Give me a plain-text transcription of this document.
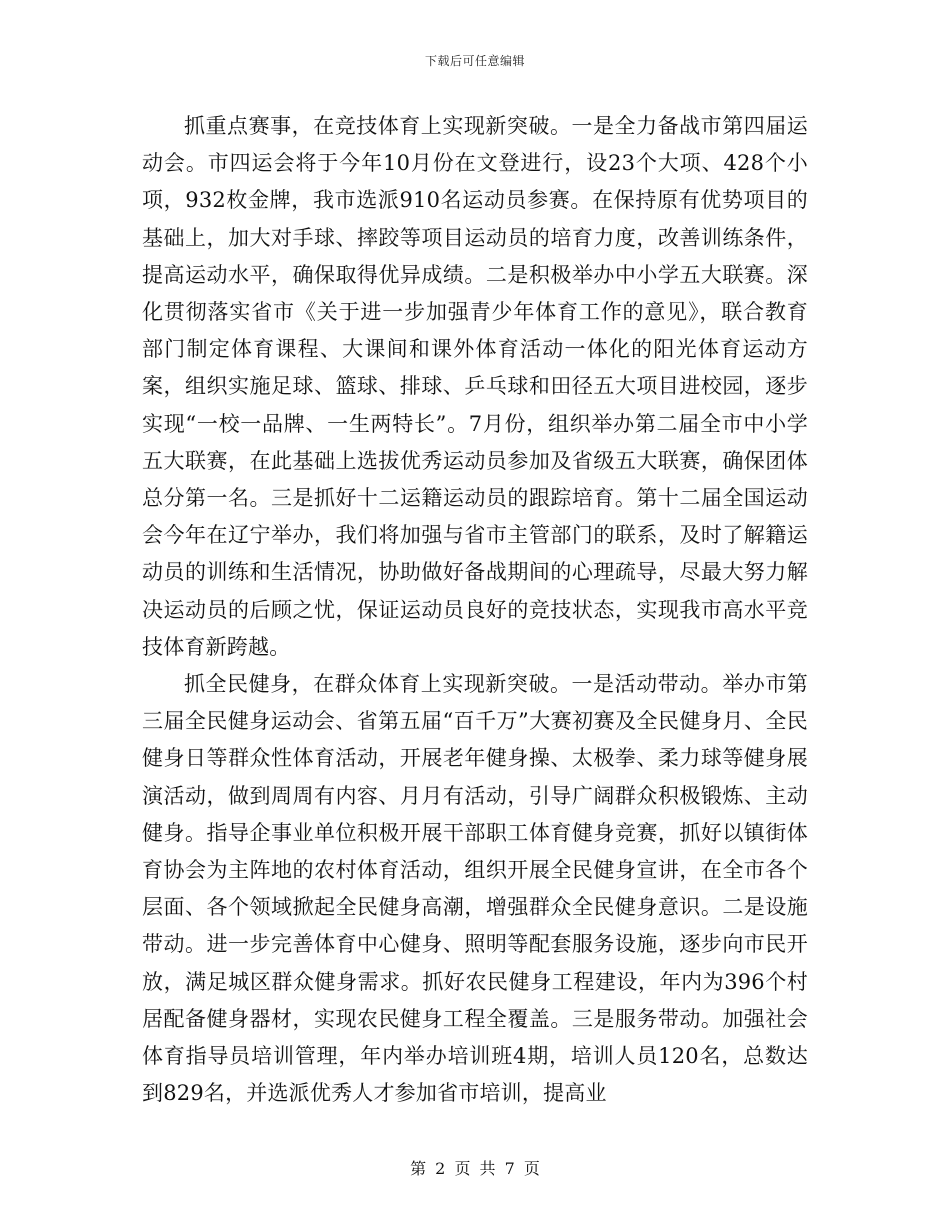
下载后可任意编辑

抓重点赛事，在竞技体育上实现新突破。一是全力备战市第四届运动会。市四运会将于今年10月份在文登进行，设23个大项、428个小项，932枚金牌，我市选派910名运动员参赛。在保持原有优势项目的基础上，加大对手球、摔跤等项目运动员的培育力度，改善训练条件，提高运动水平，确保取得优异成绩。二是积极举办中小学五大联赛。深化贯彻落实省市《关于进一步加强青少年体育工作的意见》，联合教育部门制定体育课程、大课间和课外体育活动一体化的阳光体育运动方案，组织实施足球、篮球、排球、乒乓球和田径五大项目进校园，逐步实现“一校一品牌、一生两特长”。7月份，组织举办第二届全市中小学五大联赛，在此基础上选拔优秀运动员参加及省级五大联赛，确保团体总分第一名。三是抓好十二运籍运动员的跟踪培育。第十二届全国运动会今年在辽宁举办，我们将加强与省市主管部门的联系，及时了解籍运动员的训练和生活情况，协助做好备战期间的心理疏导，尽最大努力解决运动员的后顾之忧，保证运动员良好的竞技状态，实现我市高水平竞技体育新跨越。

抓全民健身，在群众体育上实现新突破。一是活动带动。举办市第三届全民健身运动会、省第五届“百千万”大赛初赛及全民健身月、全民健身日等群众性体育活动，开展老年健身操、太极拳、柔力球等健身展演活动，做到周周有内容、月月有活动，引导广阔群众积极锻炼、主动健身。指导企事业单位积极开展干部职工体育健身竞赛，抓好以镇街体育协会为主阵地的农村体育活动，组织开展全民健身宣讲，在全市各个层面、各个领域掀起全民健身高潮，增强群众全民健身意识。二是设施带动。进一步完善体育中心健身、照明等配套服务设施，逐步向市民开放，满足城区群众健身需求。抓好农民健身工程建设，年内为396个村居配备健身器材，实现农民健身工程全覆盖。三是服务带动。加强社会体育指导员培训管理，年内举办培训班4期，培训人员120名，总数达到829名，并选派优秀人才参加省市培训，提高业

第 2 页 共 7 页
